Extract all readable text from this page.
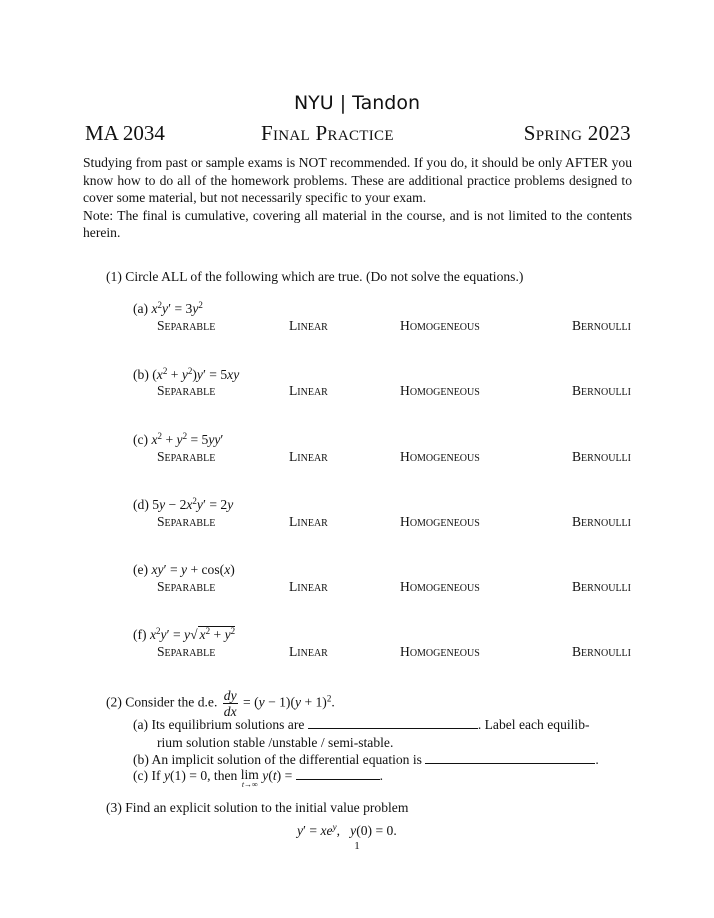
NYU | Tandon
MA 2034	Final Practice	Spring 2023

Studying from past or sample exams is NOT recommended. If you do, it should be only AFTER you know how to do all of the homework problems. These are additional practice problems designed to cover some material, but not necessarily specific to your exam.

Note: The final is cumulative, covering all material in the course, and is not limited to the contents herein.

(1) Circle ALL of the following which are true. (Do not solve the equations.)
(a) $x^2y' = 3y^2$
Separable	Linear	Homogeneous	Bernoulli
(b) $(x^2 + y^2)y' = 5xy$
Separable	Linear	Homogeneous	Bernoulli
(c) $x^2 + y^2 = 5yy'$
Separable	Linear	Homogeneous	Bernoulli
(d) $5y - 2x^2y' = 2y$
Separable	Linear	Homogeneous	Bernoulli
(e) xy′ = y + cos(x)
Separable	Linear	Homogeneous	Bernoulli
(f) $x^2y' = y√$ $x^2 + y^2$
Separable	Linear	Homogeneous	Bernoulli
(2) Consider the d.e. $\frac{dy}{dx} = (y - 1)(y + 1)^2$.
(a) Its equilibrium solutions are	. Label each equilib-
rium solution stable /unstable / semi-stable.
(b) An implicit solution of the differential equation is	.
(c) If y(1) = 0, then lim
t→∞
y(t) =	.
(3) Find an explicit solution to the initial value problem
$y' = xe^y$,   y(0) = 0.
1
